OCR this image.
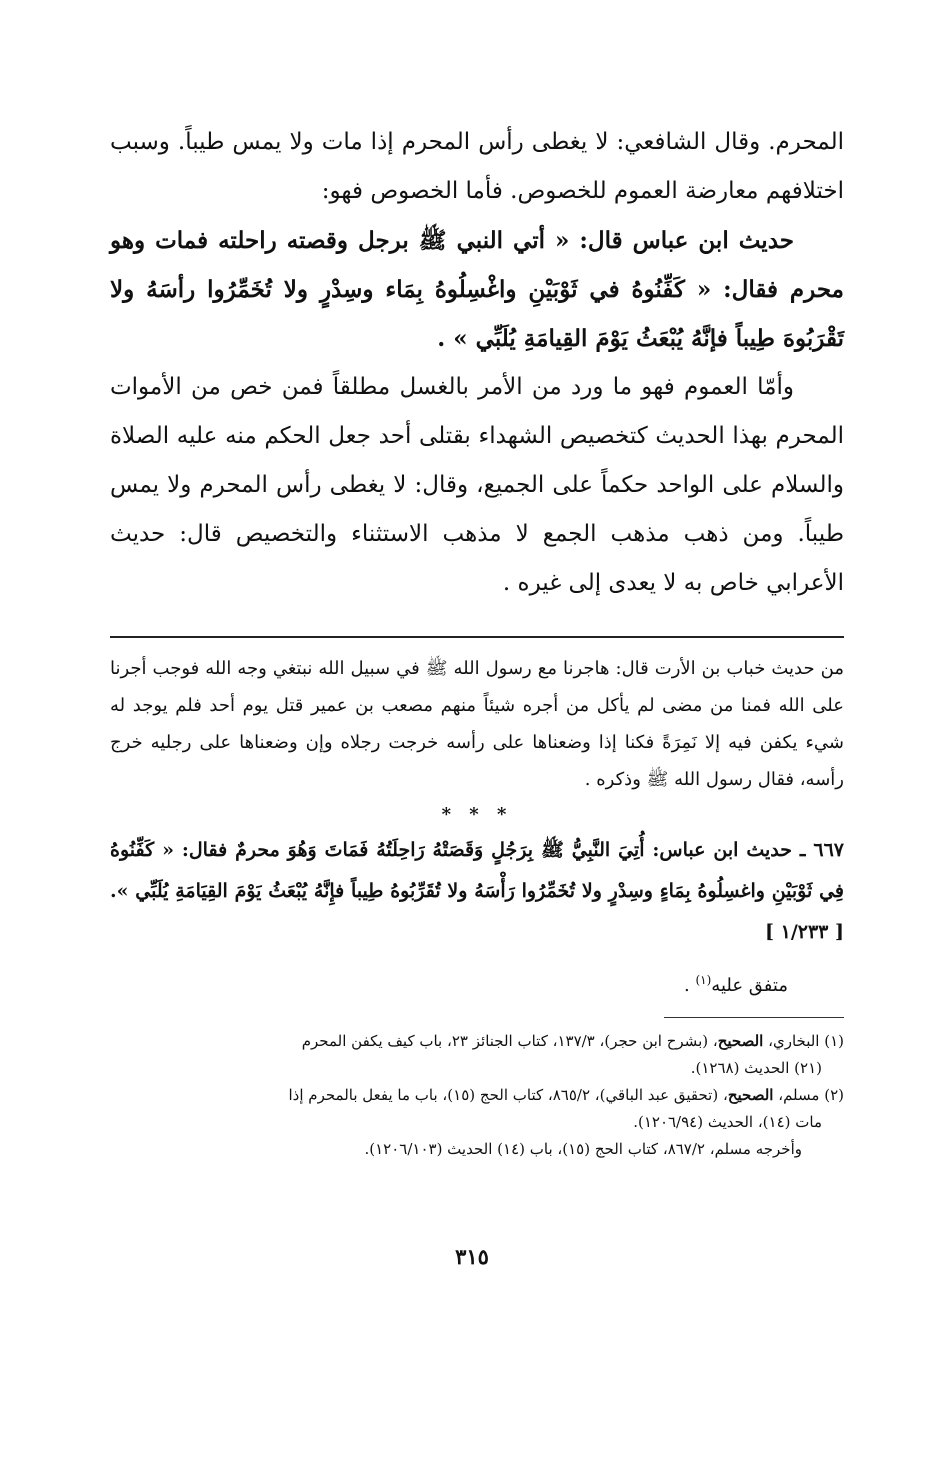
المحرم. وقال الشافعي: لا يغطى رأس المحرم إذا مات ولا يمس طيباً. وسبب اختلافهم معارضة العموم للخصوص. فأما الخصوص فهو:

حديث ابن عباس قال: « أتي النبي ﷺ برجل وقصته راحلته فمات وهو محرم فقال: « كَفِّنُوهُ في ثَوْبَيْنِ واغْسِلُوهُ بِمَاء وسِدْرٍ ولا تُخَمِّرُوا رأسَهُ ولا تَقْرَبُوهَ طِيباً فإنَّهُ يُبْعَثُ يَوْمَ القِيامَةِ يُلَبِّي » .

وأمّا العموم فهو ما ورد من الأمر بالغسل مطلقاً فمن خص من الأموات المحرم بهذا الحديث كتخصيص الشهداء بقتلى أحد جعل الحكم منه عليه الصلاة والسلام على الواحد حكماً على الجميع، وقال: لا يغطى رأس المحرم ولا يمس طيباً. ومن ذهب مذهب الجمع لا مذهب الاستثناء والتخصيص قال: حديث الأعرابي خاص به لا يعدى إلى غيره .

من حديث خباب بن الأرت قال: هاجرنا مع رسول الله ﷺ في سبيل الله نبتغي وجه الله فوجب أجرنا على الله فمنا من مضى لم يأكل من أجره شيئاً منهم مصعب بن عمير قتل يوم أحد فلم يوجد له شيء يكفن فيه إلا نَمِرَةً فكنا إذا وضعناها على رأسه خرجت رجلاه وإن وضعناها على رجليه خرج رأسه، فقال رسول الله ﷺ وذكره .

* * *

٦٦٧ ـ حديث ابن عباس: أُتِيَ النَّبِيُّ ﷺ بِرَجُلٍ وَقَصَتْهُ رَاحِلَتُهُ فَمَاتَ وَهُوَ محرمٌ فقال: « كَفِّنُوهُ فِي ثَوْبَيْنِ واغسِلُوهُ بِمَاءٍ وسِدْرٍ ولا تُخَمِّرُوا رَأْسَهُ ولا تُقَرِّبُوهُ طِيباً فإِنَّهُ يُبْعَثُ يَوْمَ القِيَامَةِ يُلَبِّي ». [ ١/٢٣٣ ]

متفق عليه$^{(١)}$ .

(١) البخاري، الصحيح، (بشرح ابن حجر)، ١٣٧/٣، كتاب الجنائز ٢٣، باب كيف يكفن المحرم

(٢١) الحديث (١٢٦٨).

(٢) مسلم، الصحيح، (تحقيق عبد الباقي)، ٨٦٥/٢، كتاب الحج (١٥)، باب ما يفعل بالمحرم إذا

مات (١٤)، الحديث (١٢٠٦/٩٤).

وأخرجه مسلم، ٨٦٧/٢، كتاب الحج (١٥)، باب (١٤) الحديث (١٢٠٦/١٠٣).

٣١٥
